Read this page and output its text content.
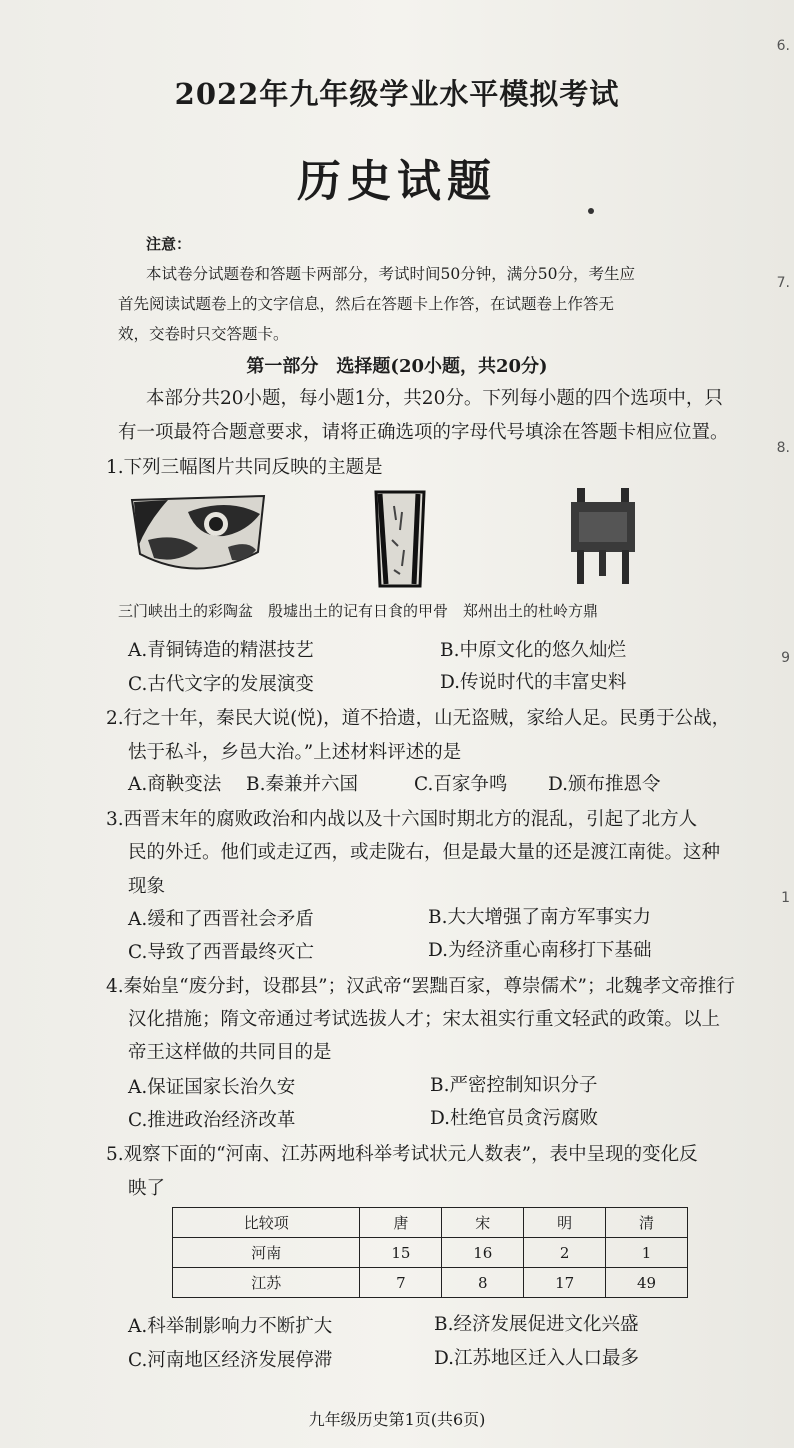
2022年九年级学业水平模拟考试
历史试题
6.
7.
8.
9
1
注意：
本试卷分试题卷和答题卡两部分，考试时间50分钟，满分50分，考生应
首先阅读试题卷上的文字信息，然后在答题卡上作答，在试题卷上作答无
效，交卷时只交答题卡。
第一部分　选择题(20小题，共20分)
本部分共20小题，每小题1分，共20分。下列每小题的四个选项中，只
有一项最符合题意要求，请将正确选项的字母代号填涂在答题卡相应位置。
1.下列三幅图片共同反映的主题是
三门峡出土的彩陶盆　殷墟出土的记有日食的甲骨　郑州出土的杜岭方鼎
A.青铜铸造的精湛技艺	B.中原文化的悠久灿烂
C.古代文字的发展演变	D.传说时代的丰富史料
2.行之十年，秦民大说(悦)，道不拾遗，山无盗贼，家给人足。民勇于公战，
怯于私斗，乡邑大治。”上述材料评述的是
A.商鞅变法 B.秦兼并六国	C.百家争鸣 D.颁布推恩令
3.西晋末年的腐败政治和内战以及十六国时期北方的混乱，引起了北方人
民的外迁。他们或走辽西，或走陇右，但是最大量的还是渡江南徙。这种
现象
A.缓和了西晋社会矛盾	B.大大增强了南方军事实力
C.导致了西晋最终灭亡	D.为经济重心南移打下基础
4.秦始皇“废分封，设郡县”；汉武帝“罢黜百家，尊崇儒术”；北魏孝文帝推行
汉化措施；隋文帝通过考试选拔人才；宋太祖实行重文轻武的政策。以上
帝王这样做的共同目的是
A.保证国家长治久安	B.严密控制知识分子
C.推进政治经济改革	D.杜绝官员贪污腐败
5.观察下面的“河南、江苏两地科举考试状元人数表”，表中呈现的变化反
映了
比较项	唐	宋	明	清
河南	15	16	2	1
江苏	7	8	17	49
A.科举制影响力不断扩大	B.经济发展促进文化兴盛
C.河南地区经济发展停滞	D.江苏地区迁入人口最多
九年级历史第1页(共6页)
